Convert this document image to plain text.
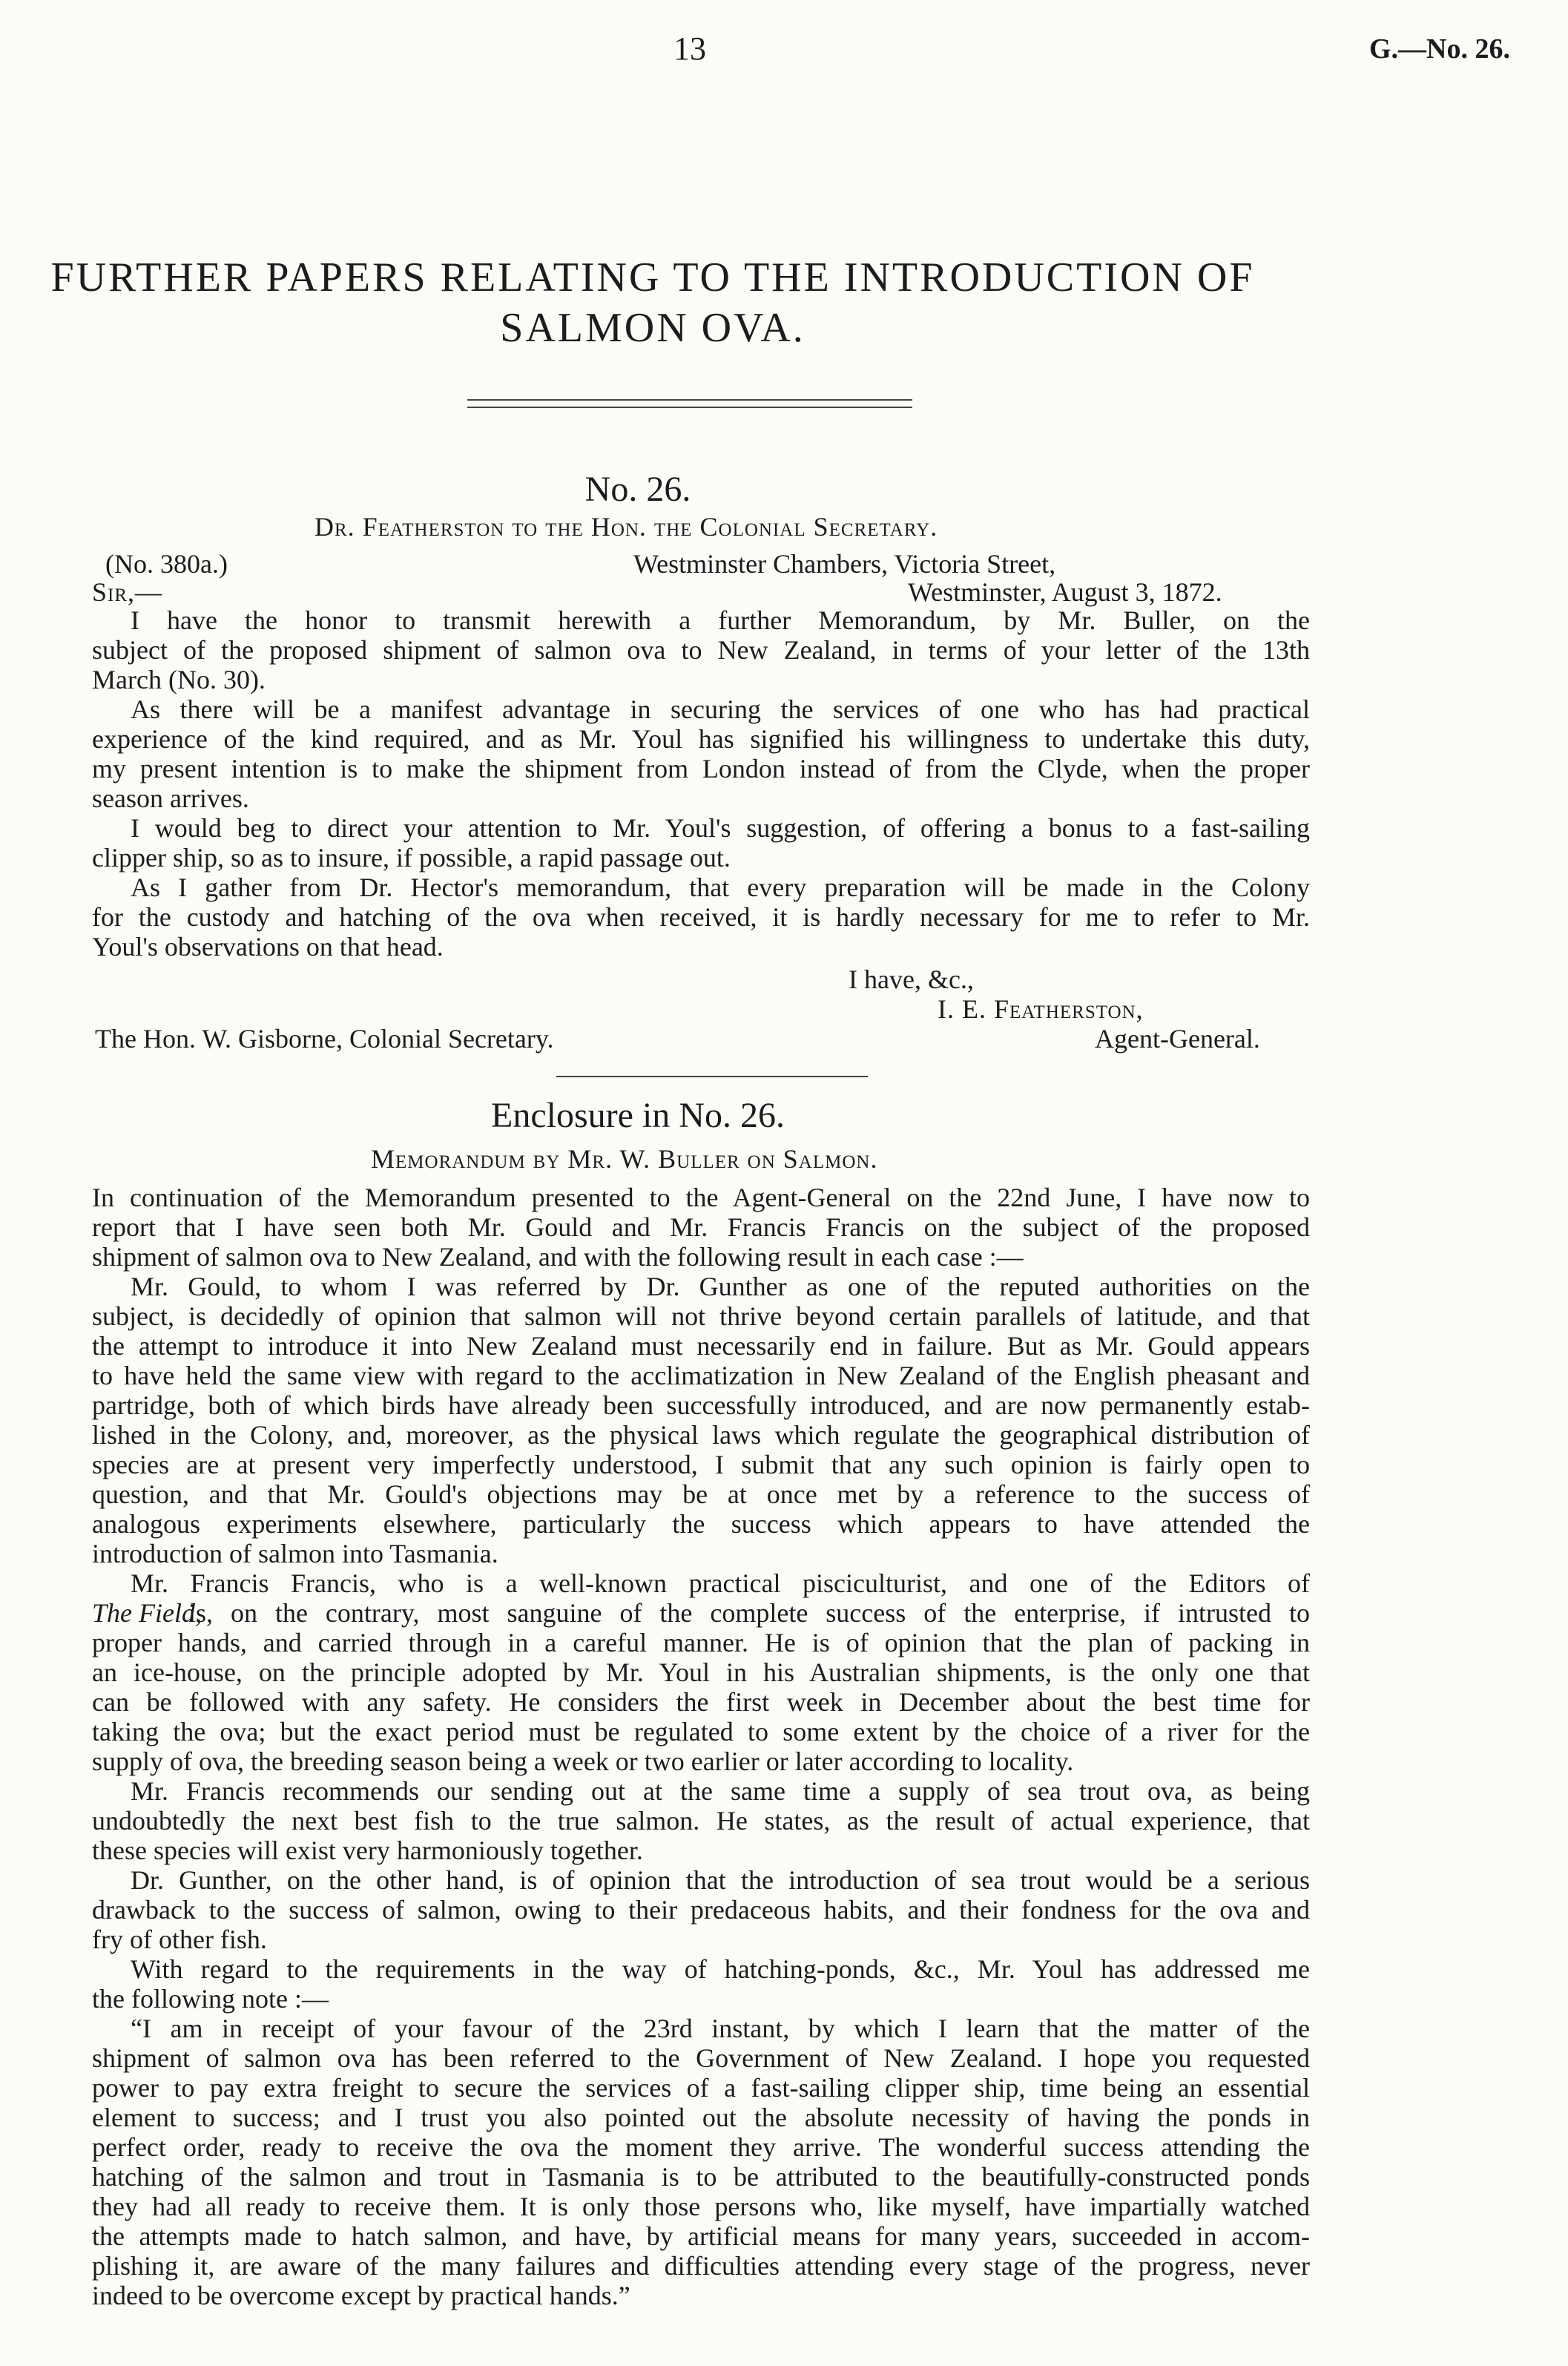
13	G.—No. 26.
FURTHER PAPERS RELATING TO THE INTRODUCTION OF
SALMON OVA.
No. 26.
Dr. Featherston to the Hon. the Colonial Secretary.
(No. 380a.)	Westminster Chambers, Victoria Street,
Sir,—	Westminster, August 3, 1872.
I have the honor to transmit herewith a further Memorandum, by Mr. Buller, on the
subject of the proposed shipment of salmon ova to New Zealand, in terms of your letter of the 13th
March (No. 30).
As there will be a manifest advantage in securing the services of one who has had practical
experience of the kind required, and as Mr. Youl has signified his willingness to undertake this duty,
my present intention is to make the shipment from London instead of from the Clyde, when the proper
season arrives.
I would beg to direct your attention to Mr. Youl's suggestion, of offering a bonus to a fast-sailing
clipper ship, so as to insure, if possible, a rapid passage out.
As I gather from Dr. Hector's memorandum, that every preparation will be made in the Colony
for the custody and hatching of the ova when received, it is hardly necessary for me to refer to Mr.
Youl's observations on that head.
I have, &c.,
I. E. Featherston,
The Hon. W. Gisborne, Colonial Secretary.	Agent-General.
Enclosure in No. 26.
Memorandum by Mr. W. Buller on Salmon.
In continuation of the Memorandum presented to the Agent-General on the 22nd June, I have now to
report that I have seen both Mr. Gould and Mr. Francis Francis on the subject of the proposed
shipment of salmon ova to New Zealand, and with the following result in each case :—
Mr. Gould, to whom I was referred by Dr. Gunther as one of the reputed authorities on the
subject, is decidedly of opinion that salmon will not thrive beyond certain parallels of latitude, and that
the attempt to introduce it into New Zealand must necessarily end in failure. But as Mr. Gould appears
to have held the same view with regard to the acclimatization in New Zealand of the English pheasant and
partridge, both of which birds have already been successfully introduced, and are now permanently estab-
lished in the Colony, and, moreover, as the physical laws which regulate the geographical distribution of
species are at present very imperfectly understood, I submit that any such opinion is fairly open to
question, and that Mr. Gould's objections may be at once met by a reference to the success of
analogous experiments elsewhere, particularly the success which appears to have attended the
introduction of salmon into Tasmania.
Mr. Francis Francis, who is a well-known practical pisciculturist, and one of the Editors of
The Field,
is, on the contrary, most sanguine of the complete success of the enterprise, if intrusted to
proper hands, and carried through in a careful manner. He is of opinion that the plan of packing in
an ice-house, on the principle adopted by Mr. Youl in his Australian shipments, is the only one that
can be followed with any safety. He considers the first week in December about the best time for
taking the ova; but the exact period must be regulated to some extent by the choice of a river for the
supply of ova, the breeding season being a week or two earlier or later according to locality.
Mr. Francis recommends our sending out at the same time a supply of sea trout ova, as being
undoubtedly the next best fish to the true salmon. He states, as the result of actual experience, that
these species will exist very harmoniously together.
Dr. Gunther, on the other hand, is of opinion that the introduction of sea trout would be a serious
drawback to the success of salmon, owing to their predaceous habits, and their fondness for the ova and
fry of other fish.
With regard to the requirements in the way of hatching-ponds, &c., Mr. Youl has addressed me
the following note :—
“I am in receipt of your favour of the 23rd instant, by which I learn that the matter of the
shipment of salmon ova has been referred to the Government of New Zealand. I hope you requested
power to pay extra freight to secure the services of a fast-sailing clipper ship, time being an essential
element to success; and I trust you also pointed out the absolute necessity of having the ponds in
perfect order, ready to receive the ova the moment they arrive. The wonderful success attending the
hatching of the salmon and trout in Tasmania is to be attributed to the beautifully-constructed ponds
they had all ready to receive them. It is only those persons who, like myself, have impartially watched
the attempts made to hatch salmon, and have, by artificial means for many years, succeeded in accom-
plishing it, are aware of the many failures and difficulties attending every stage of the progress, never
indeed to be overcome except by practical hands.”
